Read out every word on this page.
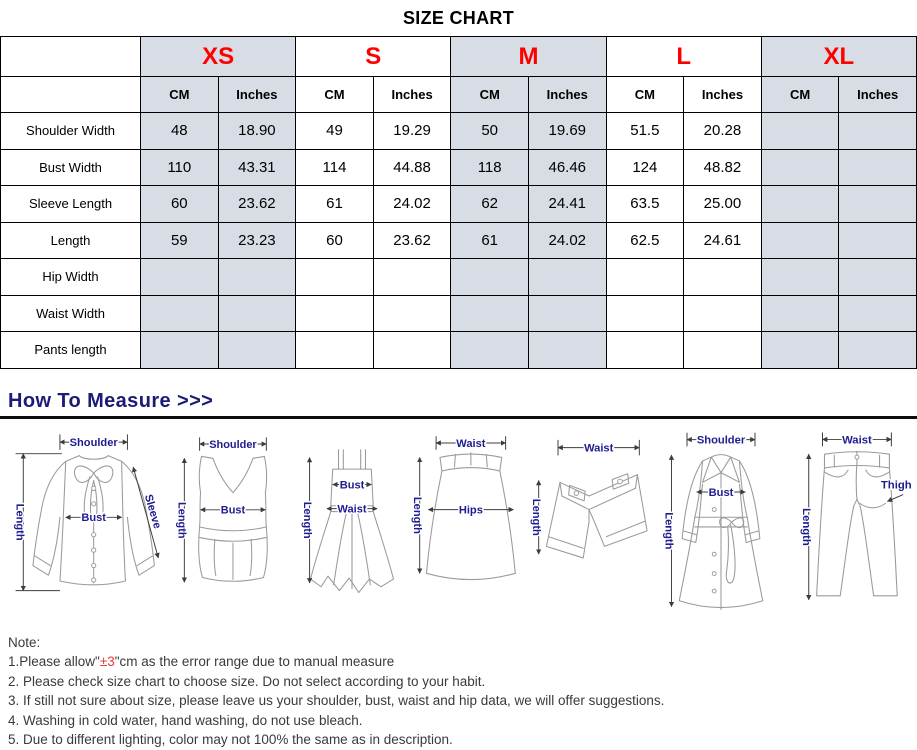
SIZE CHART
	XS		S		M		L		XL	
	CM	Inches	CM	Inches	CM	Inches	CM	Inches	CM	Inches
Shoulder Width	48	18.90	49	19.29	50	19.69	51.5	20.28		
Bust Width	110	43.31	114	44.88	118	46.46	124	48.82		
Sleeve Length	60	23.62	61	24.02	62	24.41	63.5	25.00		
Length	59	23.23	60	23.62	61	24.02	62.5	24.61		
Hip Width										
Waist Width										
Pants length										
How To Measure >>>
Shoulder
Length	Bust	Sleeve
Shoulder
Length	Bust	Length
Bust
Waist
Waist
Hips
Length
Waist
Length
Shoulder
Length
Bust
Waist
Length
Thigh
Note:
1.Please allow"±3"cm as the error range due to manual measure
2. Please check size chart to choose size. Do not select according to your habit.
3. If still not sure about size, please leave us your shoulder, bust, waist and hip data, we will offer suggestions.
4. Washing in cold water, hand washing, do not use bleach.
5. Due to different lighting, color may not 100% the same as in description.
